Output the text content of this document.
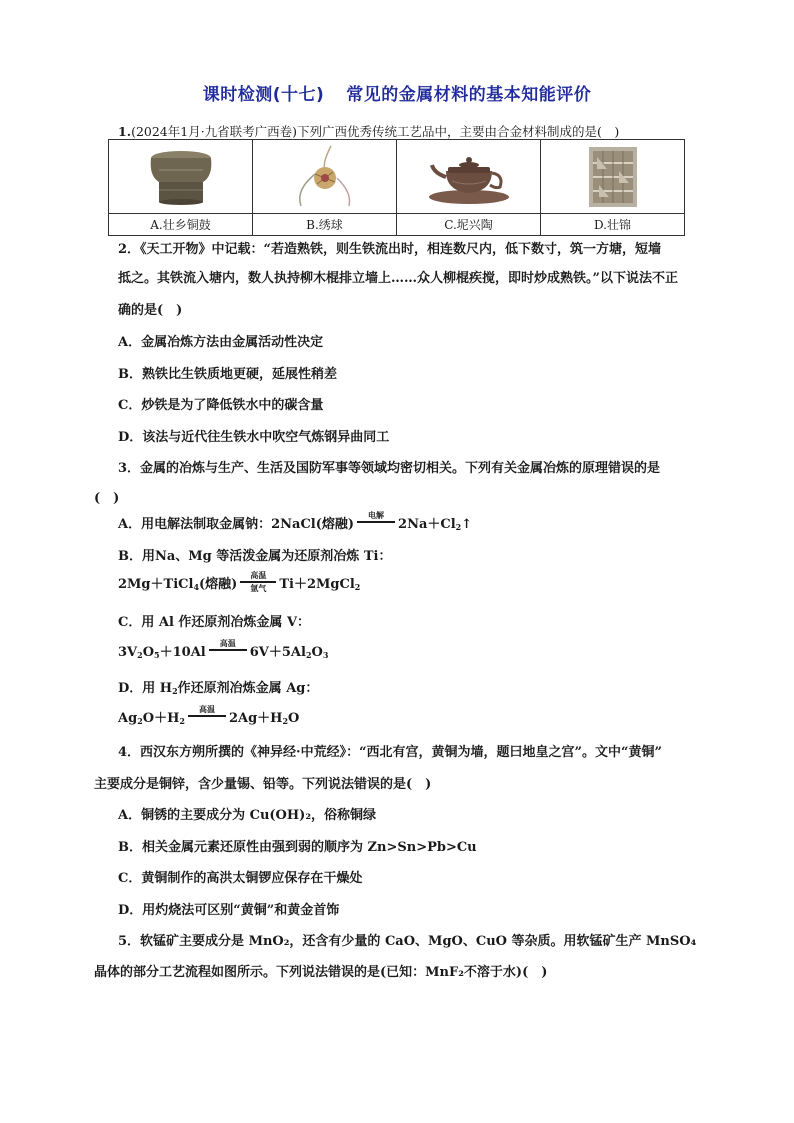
课时检测(十七) 常见的金属材料的基本知能评价
1.(2024年1月·九省联考广西卷)下列广西优秀传统工艺品中，主要由合金材料制成的是(　)

A.壮乡铜鼓	B.绣球	C.坭兴陶	D.壮锦
2．《天工开物》中记载：“若造熟铁，则生铁流出时，相连数尺内，低下数寸，筑一方塘，短墙
抵之。其铁流入塘内，数人执持柳木棍排立墙上……众人柳棍疾搅，即时炒成熟铁。”以下说法不正
确的是(　)
A．金属冶炼方法由金属活动性决定
B．熟铁比生铁质地更硬，延展性稍差
C．炒铁是为了降低铁水中的碳含量
D．该法与近代往生铁水中吹空气炼钢异曲同工
3．金属的冶炼与生产、生活及国防军事等领域均密切相关。下列有关金属冶炼的原理错误的是
(　)
A．用电解法制取金属钠：2NaCl(熔融)
电解

$2Na+Cl_2↑$
B．用Na、Mg 等活泼金属为还原剂冶炼 Ti：
2Mg＋TiCl$_4$(熔融)
高温
氩气	Ti＋2MgCl$_2$
C．用 Al 作还原剂冶炼金属 V：
$3V_2O_5+10Al$
高温

$6V+5Al_2O_3$
D．用 $H_2$作还原剂冶炼金属 Ag：
$Ag_2O+H_2$
高温

$2Ag+H_2O$
4．西汉东方朔所撰的《神异经·中荒经》：“西北有宫，黄铜为墙，题曰地皇之宫”。文中“黄铜”
主要成分是铜锌，含少量锡、铅等。下列说法错误的是(　)
A．铜锈的主要成分为 Cu(OH)₂，俗称铜绿
B．相关金属元素还原性由强到弱的顺序为 Zn>Sn>Pb>Cu
C．黄铜制作的高洪太铜锣应保存在干燥处
D．用灼烧法可区别“黄铜”和黄金首饰
5．软锰矿主要成分是 MnO₂，还含有少量的 CaO、MgO、CuO 等杂质。用软锰矿生产 MnSO₄
晶体的部分工艺流程如图所示。下列说法错误的是(已知：MnF₂不溶于水)(　)
